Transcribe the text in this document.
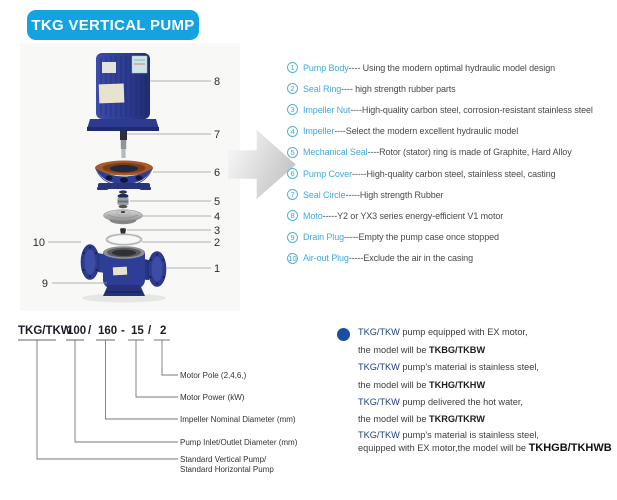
TKG VERTICAL PUMP
8
7
6
5
4
3
2
1
10
9
1 Pump Body ---- Using the modern optimal hydraulic model design
2 Seal Ring ---- high strength rubber parts
3 Impeller Nut ----High-quality carbon steel, corrosion-resistant stainless steel
4 Impeller ----Select the modern excellent hydraulic model
5 Mechanical Seal ----Rotor (stator) ring is made of Graphite, Hard Alloy
6 Pump Cover -----High-quality carbon steel, stainless steel, casting
7 Seal Circle -----High strength Rubber
8 Moto -----Y2 or YX3 series energy-efficient V1 motor
9 Drain Plug -----Empty the pump case once stopped
10 Air-out Plug -----Exclude the air in the casing
TKG/TKW
100 / 160 - 15 / 2
Motor Pole (2,4,6,)
Motor Power (kW)
Impeller Nominal Diameter (mm)
Pump Inlet/Outlet Diameter (mm)
Standard Vertical Pump/
Standard Horizontal Pump
TKG/TKW pump equipped with EX motor,
the model will be TKBG/TKBW
TKG/TKW pump's material is stainless steel,
the model will be TKHG/TKHW
TKG/TKW pump delivered the hot water,
the model will be TKRG/TKRW
TKG/TKW pump's material is stainless steel,
equipped with EX motor,the model will be TKHGB/TKHWB
